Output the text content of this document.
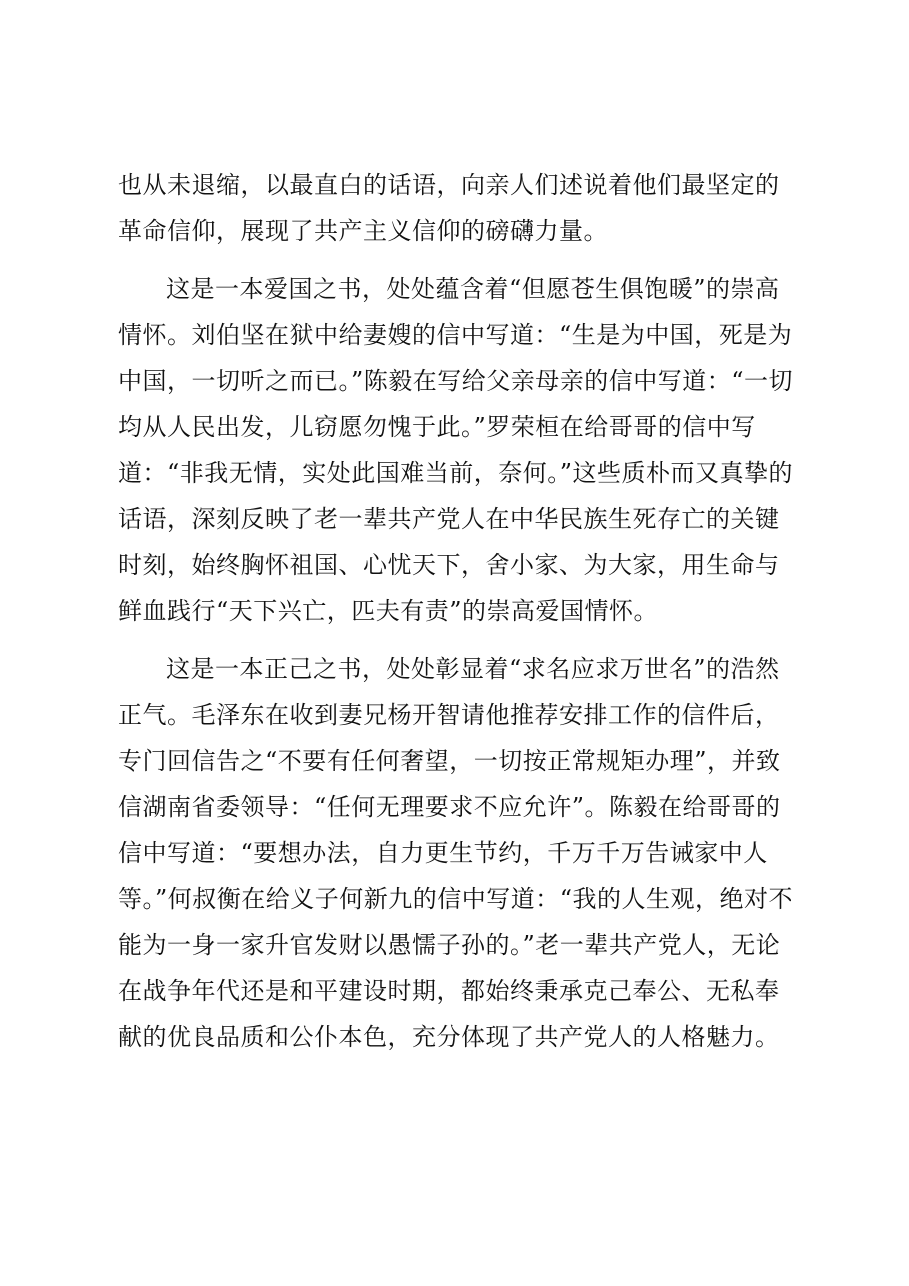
也从未退缩，以最直白的话语，向亲人们述说着他们最坚定的革命信仰，展现了共产主义信仰的磅礴力量。

这是一本爱国之书，处处蕴含着“但愿苍生俱饱暖”的崇高情怀。刘伯坚在狱中给妻嫂的信中写道：“生是为中国，死是为中国，一切听之而已。”陈毅在写给父亲母亲的信中写道：“一切均从人民出发，儿窃愿勿愧于此。”罗荣桓在给哥哥的信中写道：“非我无情，实处此国难当前，奈何。”这些质朴而又真挚的话语，深刻反映了老一辈共产党人在中华民族生死存亡的关键时刻，始终胸怀祖国、心忧天下，舍小家、为大家，用生命与鲜血践行“天下兴亡，匹夫有责”的崇高爱国情怀。

这是一本正己之书，处处彰显着“求名应求万世名”的浩然正气。毛泽东在收到妻兄杨开智请他推荐安排工作的信件后，专门回信告之“不要有任何奢望，一切按正常规矩办理”，并致信湖南省委领导：“任何无理要求不应允许”。陈毅在给哥哥的信中写道：“要想办法，自力更生节约，千万千万告诫家中人等。”何叔衡在给义子何新九的信中写道：“我的人生观，绝对不能为一身一家升官发财以愚懦子孙的。”老一辈共产党人，无论在战争年代还是和平建设时期，都始终秉承克己奉公、无私奉献的优良品质和公仆本色，充分体现了共产党人的人格魅力。
